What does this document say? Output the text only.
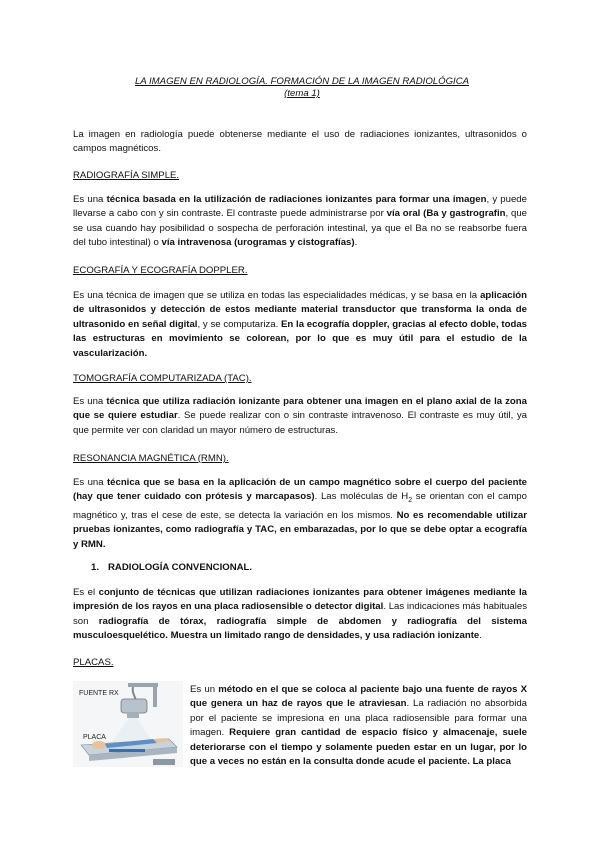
LA IMAGEN EN RADIOLOGÍA. FORMACIÓN DE LA IMAGEN RADIOLÓGICA
(tema 1)
La imagen en radiología puede obtenerse mediante el uso de radiaciones ionizantes, ultrasonidos o campos magnéticos.
RADIOGRAFÍA SIMPLE.
Es una técnica basada en la utilización de radiaciones ionizantes para formar una imagen, y puede llevarse a cabo con y sin contraste. El contraste puede administrarse por vía oral (Ba y gastrografin, que se usa cuando hay posibilidad o sospecha de perforación intestinal, ya que el Ba no se reabsorbe fuera del tubo intestinal) o vía intravenosa (urogramas y cistografías).
ECOGRAFÍA Y ECOGRAFÍA DOPPLER.
Es una técnica de imagen que se utiliza en todas las especialidades médicas, y se basa en la aplicación de ultrasonidos y detección de estos mediante material transductor que transforma la onda de ultrasonido en señal digital, y se computariza. En la ecografía doppler, gracias al efecto doble, todas las estructuras en movimiento se colorean, por lo que es muy útil para el estudio de la vascularización.
TOMOGRAFÍA COMPUTARIZADA (TAC).
Es una técnica que utiliza radiación ionizante para obtener una imagen en el plano axial de la zona que se quiere estudiar. Se puede realizar con o sin contraste intravenoso. El contraste es muy útil, ya que permite ver con claridad un mayor número de estructuras.
RESONANCIA MAGNÉTICA (RMN).
Es una técnica que se basa en la aplicación de un campo magnético sobre el cuerpo del paciente (hay que tener cuidado con prótesis y marcapasos). Las moléculas de $H_2$ se orientan con el campo magnético y, tras el cese de este, se detecta la variación en los mismos. No es recomendable utilizar pruebas ionizantes, como radiografía y TAC, en embarazadas, por lo que se debe optar a ecografía y RMN.
1. RADIOLOGÍA CONVENCIONAL.
Es el conjunto de técnicas que utilizan radiaciones ionizantes para obtener imágenes mediante la impresión de los rayos en una placa radiosensible o detector digital. Las indicaciones más habituales son radiografía de tórax, radiografía simple de abdomen y radiografía del sistema musculoesquelético. Muestra un limitado rango de densidades, y usa radiación ionizante.
PLACAS.
FUENTE RX
PLACA
Es un método en el que se coloca al paciente bajo una fuente de rayos X que genera un haz de rayos que le atraviesan. La radiación no absorbida por el paciente se impresiona en una placa radiosensible para formar una imagen. Requiere gran cantidad de espacio físico y almacenaje, suele deteriorarse con el tiempo y solamente pueden estar en un lugar, por lo que a veces no están en la consulta donde acude el paciente. La placa
